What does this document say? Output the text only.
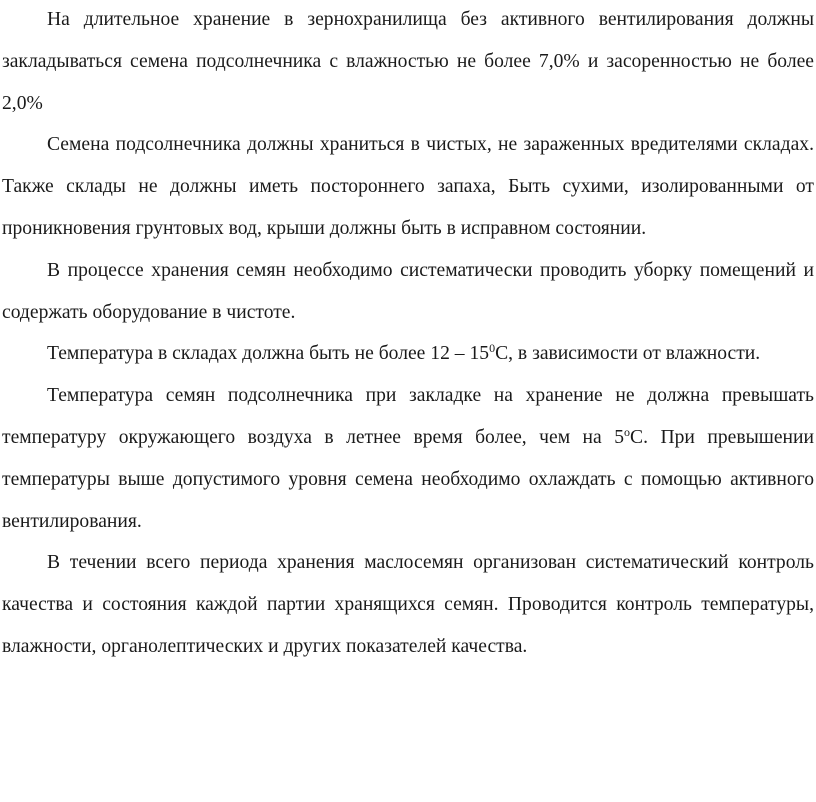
На длительное хранение в зернохранилища без активного вентилирования должны закладываться семена подсолнечника с влажностью не более 7,0% и засоренностью не более 2,0%

Семена подсолнечника должны храниться в чистых, не зараженных вредителями складах. Также склады не должны иметь постороннего запаха, Быть сухими, изолированными от проникновения грунтовых вод, крыши должны быть в исправном состоянии.

В процессе хранения семян необходимо систематически проводить уборку помещений и содержать оборудование в чистоте.

Температура в складах должна быть не более $12 - 15^0С$, в зависимости от влажности.

Температура семян подсолнечника при закладке на хранение не должна превышать температуру окружающего воздуха в летнее время более, чем на $5^оС$. При превышении температуры выше допустимого уровня семена необходимо охлаждать с помощью активного вентилирования.

В течении всего периода хранения маслосемян организован систематический контроль качества и состояния каждой партии хранящихся семян. Проводится контроль температуры, влажности, органолептических и других показателей качества.
